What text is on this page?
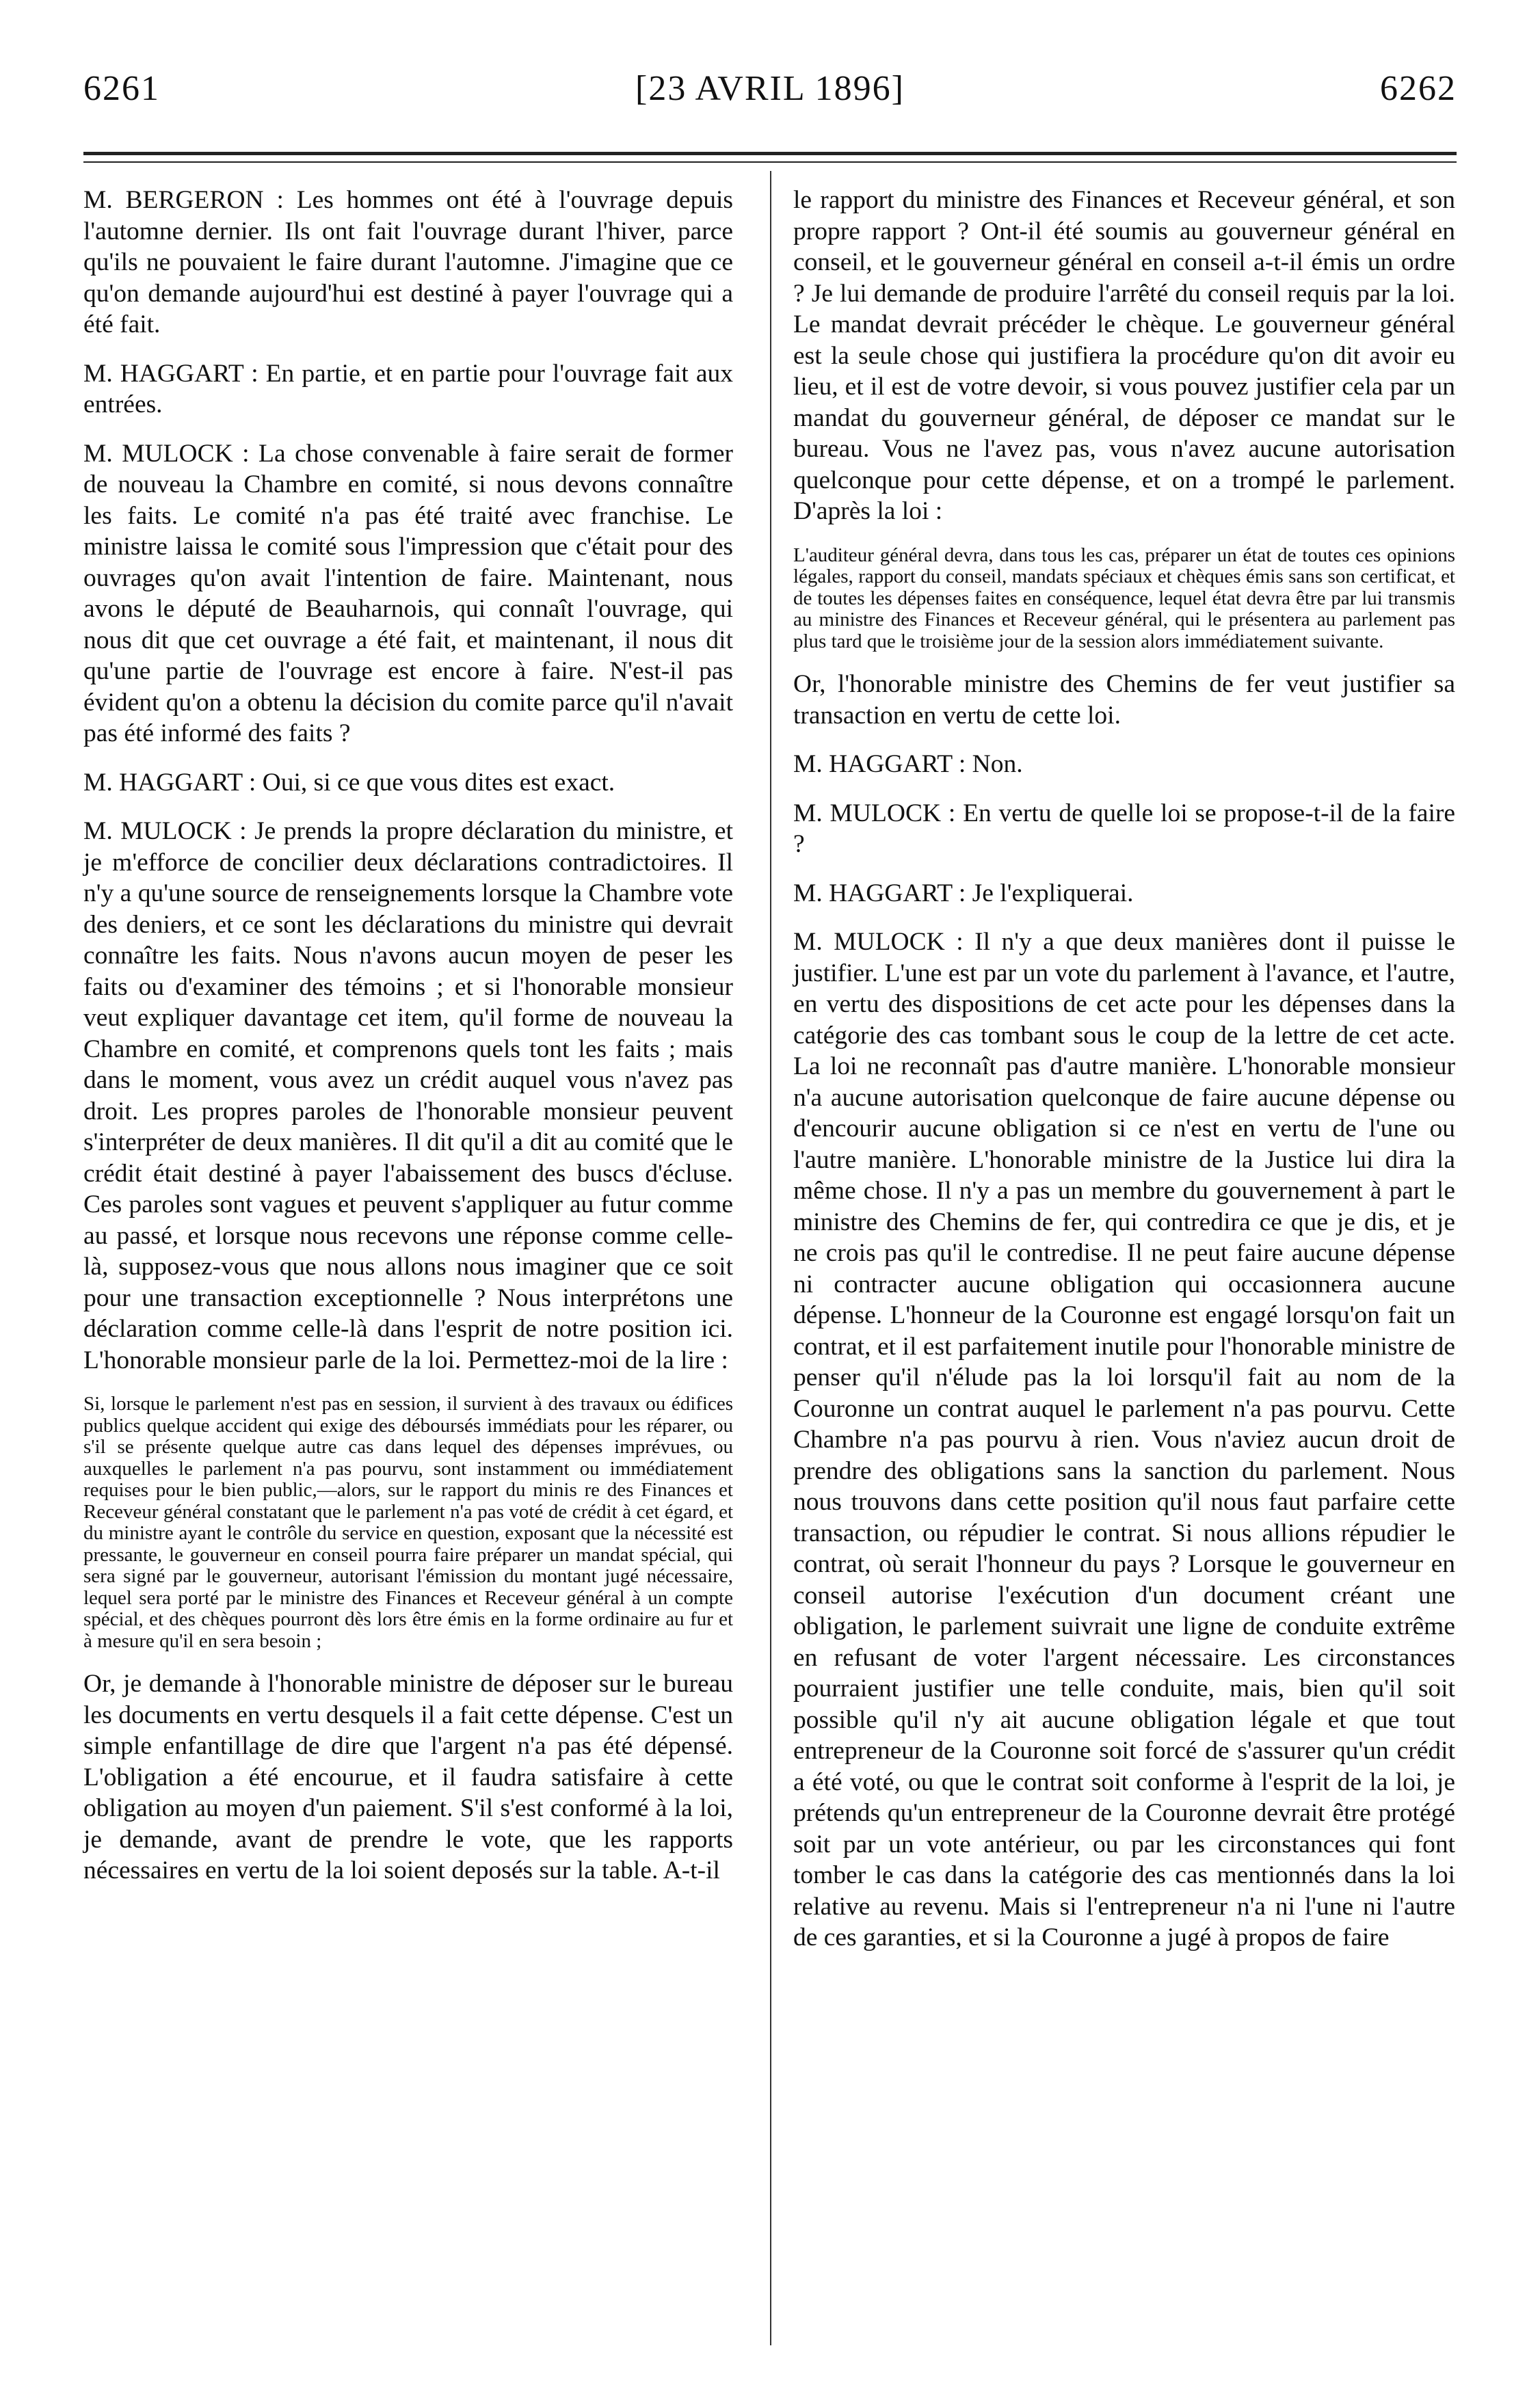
6261	[23 AVRIL 1896]	6262

M. BERGERON : Les hommes ont été à l'ouvrage depuis l'automne dernier. Ils ont fait l'ouvrage durant l'hiver, parce qu'ils ne pouvaient le faire durant l'automne. J'imagine que ce qu'on demande aujourd'hui est destiné à payer l'ouvrage qui a été fait.

M. HAGGART : En partie, et en partie pour l'ouvrage fait aux entrées.

M. MULOCK : La chose convenable à faire serait de former de nouveau la Chambre en comité, si nous devons connaître les faits. Le comité n'a pas été traité avec franchise. Le ministre laissa le comité sous l'impression que c'était pour des ouvrages qu'on avait l'intention de faire. Maintenant, nous avons le député de Beauharnois, qui connaît l'ouvrage, qui nous dit que cet ouvrage a été fait, et maintenant, il nous dit qu'une partie de l'ouvrage est encore à faire. N'est-il pas évident qu'on a obtenu la décision du comite parce qu'il n'avait pas été informé des faits ?

M. HAGGART : Oui, si ce que vous dites est exact.

M. MULOCK : Je prends la propre déclaration du ministre, et je m'efforce de concilier deux déclarations contradictoires. Il n'y a qu'une source de renseignements lorsque la Chambre vote des deniers, et ce sont les déclarations du ministre qui devrait connaître les faits. Nous n'avons aucun moyen de peser les faits ou d'examiner des témoins ; et si l'honorable monsieur veut expliquer davantage cet item, qu'il forme de nouveau la Chambre en comité, et comprenons quels tont les faits ; mais dans le moment, vous avez un crédit auquel vous n'avez pas droit. Les propres paroles de l'honorable monsieur peuvent s'interpréter de deux manières. Il dit qu'il a dit au comité que le crédit était destiné à payer l'abaissement des buscs d'écluse. Ces paroles sont vagues et peuvent s'appliquer au futur comme au passé, et lorsque nous recevons une réponse comme celle-là, supposez-vous que nous allons nous imaginer que ce soit pour une transaction exceptionnelle ? Nous interprétons une déclaration comme celle-là dans l'esprit de notre position ici. L'honorable monsieur parle de la loi. Permettez-moi de la lire :

Si, lorsque le parlement n'est pas en session, il survient à des travaux ou édifices publics quelque accident qui exige des déboursés immédiats pour les réparer, ou s'il se présente quelque autre cas dans lequel des dépenses imprévues, ou auxquelles le parlement n'a pas pourvu, sont instamment ou immédiatement requises pour le bien public,—alors, sur le rapport du minis re des Finances et Receveur général constatant que le parlement n'a pas voté de crédit à cet égard, et du ministre ayant le contrôle du service en question, exposant que la nécessité est pressante, le gouverneur en conseil pourra faire préparer un mandat spécial, qui sera signé par le gouverneur, autorisant l'émission du montant jugé nécessaire, lequel sera porté par le ministre des Finances et Receveur général à un compte spécial, et des chèques pourront dès lors être émis en la forme ordinaire au fur et à mesure qu'il en sera besoin ;

Or, je demande à l'honorable ministre de déposer sur le bureau les documents en vertu desquels il a fait cette dépense. C'est un simple enfantillage de dire que l'argent n'a pas été dépensé. L'obligation a été encourue, et il faudra satisfaire à cette obligation au moyen d'un paiement. S'il s'est conformé à la loi, je demande, avant de prendre le vote, que les rapports nécessaires en vertu de la loi soient deposés sur la table. A-t-il

le rapport du ministre des Finances et Receveur général, et son propre rapport ? Ont-il été soumis au gouverneur général en conseil, et le gouverneur général en conseil a-t-il émis un ordre ? Je lui demande de produire l'arrêté du conseil requis par la loi. Le mandat devrait précéder le chèque. Le gouverneur général est la seule chose qui justifiera la procédure qu'on dit avoir eu lieu, et il est de votre devoir, si vous pouvez justifier cela par un mandat du gouverneur général, de déposer ce mandat sur le bureau. Vous ne l'avez pas, vous n'avez aucune autorisation quelconque pour cette dépense, et on a trompé le parlement. D'après la loi :

L'auditeur général devra, dans tous les cas, préparer un état de toutes ces opinions légales, rapport du conseil, mandats spéciaux et chèques émis sans son certificat, et de toutes les dépenses faites en conséquence, lequel état devra être par lui transmis au ministre des Finances et Receveur général, qui le présentera au parlement pas plus tard que le troisième jour de la session alors immédiatement suivante.

Or, l'honorable ministre des Chemins de fer veut justifier sa transaction en vertu de cette loi.

M. HAGGART : Non.

M. MULOCK : En vertu de quelle loi se propose-t-il de la faire ?

M. HAGGART : Je l'expliquerai.

M. MULOCK : Il n'y a que deux manières dont il puisse le justifier. L'une est par un vote du parlement à l'avance, et l'autre, en vertu des dispositions de cet acte pour les dépenses dans la catégorie des cas tombant sous le coup de la lettre de cet acte. La loi ne reconnaît pas d'autre manière. L'honorable monsieur n'a aucune autorisation quelconque de faire aucune dépense ou d'encourir aucune obligation si ce n'est en vertu de l'une ou l'autre manière. L'honorable ministre de la Justice lui dira la même chose. Il n'y a pas un membre du gouvernement à part le ministre des Chemins de fer, qui contredira ce que je dis, et je ne crois pas qu'il le contredise. Il ne peut faire aucune dépense ni contracter aucune obligation qui occasionnera aucune dépense. L'honneur de la Couronne est engagé lorsqu'on fait un contrat, et il est parfaitement inutile pour l'honorable ministre de penser qu'il n'élude pas la loi lorsqu'il fait au nom de la Couronne un contrat auquel le parlement n'a pas pourvu. Cette Chambre n'a pas pourvu à rien. Vous n'aviez aucun droit de prendre des obligations sans la sanction du parlement. Nous nous trouvons dans cette position qu'il nous faut parfaire cette transaction, ou répudier le contrat. Si nous allions répudier le contrat, où serait l'honneur du pays ? Lorsque le gouverneur en conseil autorise l'exécution d'un document créant une obligation, le parlement suivrait une ligne de conduite extrême en refusant de voter l'argent nécessaire. Les circonstances pourraient justifier une telle conduite, mais, bien qu'il soit possible qu'il n'y ait aucune obligation légale et que tout entrepreneur de la Couronne soit forcé de s'assurer qu'un crédit a été voté, ou que le contrat soit conforme à l'esprit de la loi, je prétends qu'un entrepreneur de la Couronne devrait être protégé soit par un vote antérieur, ou par les circonstances qui font tomber le cas dans la catégorie des cas mentionnés dans la loi relative au revenu. Mais si l'entrepreneur n'a ni l'une ni l'autre de ces garanties, et si la Couronne a jugé à propos de faire
